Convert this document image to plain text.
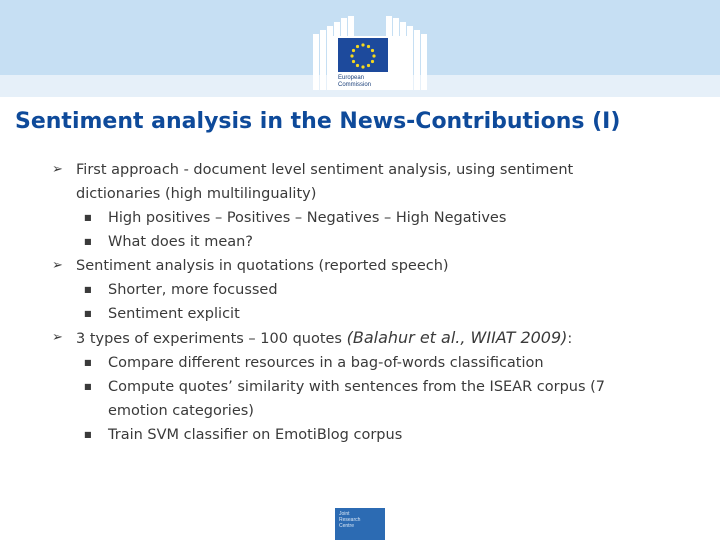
European
Commission
Sentiment analysis in the News-Contributions (I)
➢ First approach - document level sentiment analysis, using sentiment
dictionaries (high multilinguality)
■ High positives – Positives – Negatives – High Negatives
■ What does it mean?
➢ Sentiment analysis in quotations (reported speech)
■ Shorter, more focussed
■ Sentiment explicit
➢ 3 types of experiments – 100 quotes (Balahur et al., WIIAT 2009):
■ Compare different resources in a bag-of-words classification
■ Compute quotes’ similarity with sentences from the ISEAR corpus (7
emotion categories)
■ Train SVM classifier on EmotiBlog corpus
Joint
Research
Centre
